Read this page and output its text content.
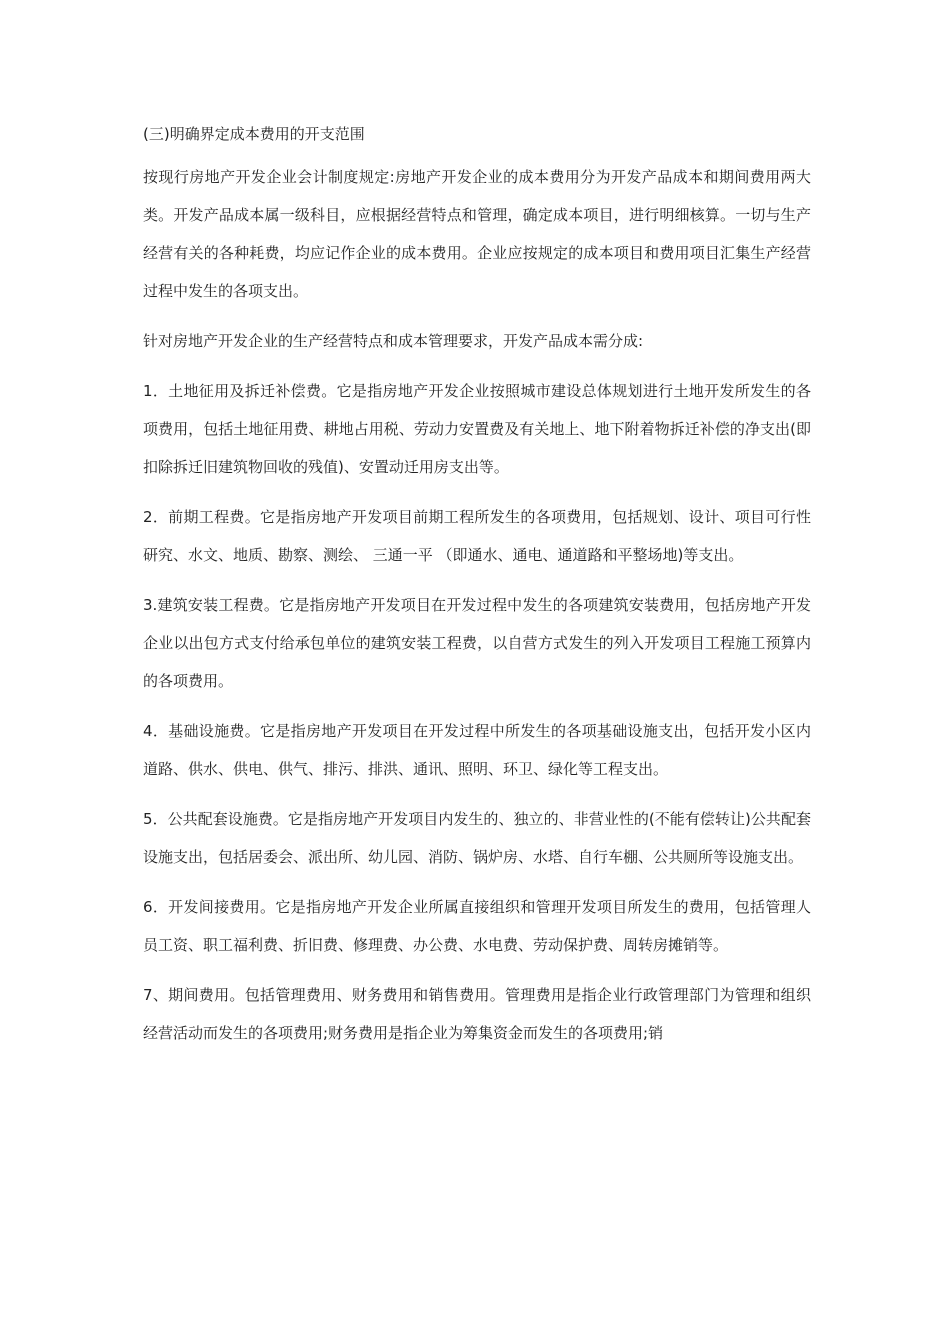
(三)明确界定成本费用的开支范围

按现行房地产开发企业会计制度规定:房地产开发企业的成本费用分为开发产品成本和期间费用两大类。开发产品成本属一级科目，应根据经营特点和管理，确定成本项目，进行明细核算。一切与生产经营有关的各种耗费，均应记作企业的成本费用。企业应按规定的成本项目和费用项目汇集生产经营过程中发生的各项支出。

针对房地产开发企业的生产经营特点和成本管理要求，开发产品成本需分成:

1．土地征用及拆迁补偿费。它是指房地产开发企业按照城市建设总体规划进行土地开发所发生的各项费用，包括土地征用费、耕地占用税、劳动力安置费及有关地上、地下附着物拆迁补偿的净支出(即扣除拆迁旧建筑物回收的残值)、安置动迁用房支出等。

2．前期工程费。它是指房地产开发项目前期工程所发生的各项费用，包括规划、设计、项目可行性研究、水文、地质、勘察、测绘、 三通一平 （即通水、通电、通道路和平整场地)等支出。

3.建筑安装工程费。它是指房地产开发项目在开发过程中发生的各项建筑安装费用，包括房地产开发企业以出包方式支付给承包单位的建筑安装工程费，以自营方式发生的列入开发项目工程施工预算内的各项费用。

4．基础设施费。它是指房地产开发项目在开发过程中所发生的各项基础设施支出，包括开发小区内道路、供水、供电、供气、排污、排洪、通讯、照明、环卫、绿化等工程支出。

5．公共配套设施费。它是指房地产开发项目内发生的、独立的、非营业性的(不能有偿转让)公共配套设施支出，包括居委会、派出所、幼儿园、消防、锅炉房、水塔、自行车棚、公共厕所等设施支出。

6．开发间接费用。它是指房地产开发企业所属直接组织和管理开发项目所发生的费用，包括管理人员工资、职工福利费、折旧费、修理费、办公费、水电费、劳动保护费、周转房摊销等。

7、期间费用。包括管理费用、财务费用和销售费用。管理费用是指企业行政管理部门为管理和组织经营活动而发生的各项费用;财务费用是指企业为筹集资金而发生的各项费用;销
